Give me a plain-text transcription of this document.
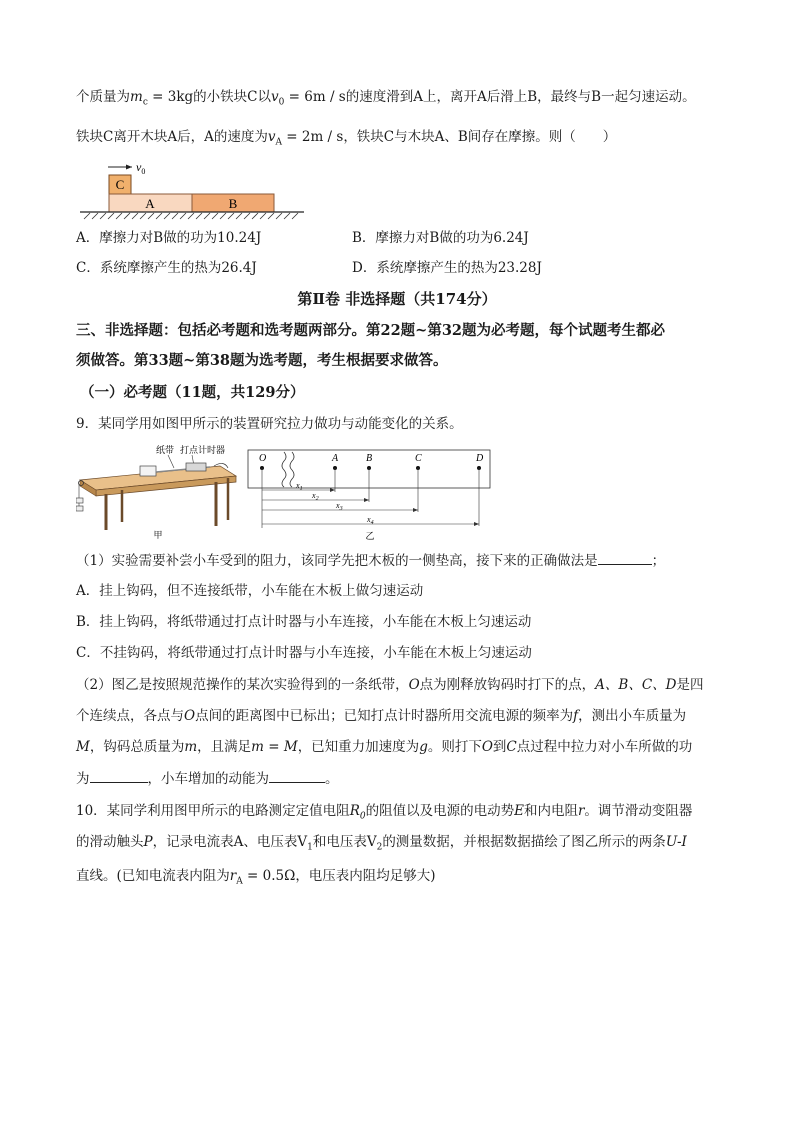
个质量为$m_c = 3kg$的小铁块C以$v_0 = 6m / s$的速度滑到A上，离开A后滑上B，最终与B一起匀速运动。
铁块C离开木块A后，A的速度为$v_A = 2m / s$，铁块C与木块A、B间存在摩擦。则（　　）
$v_0$
C
A	B
A．摩擦力对B做的功为10.24J	B．摩擦力对B做的功为6.24J
C．系统摩擦产生的热为26.4J	D．系统摩擦产生的热为23.28J
第Ⅱ卷 非选择题（共174分）
三、非选择题：包括必考题和选考题两部分。第22题~第32题为必考题，每个试题考生都必
须做答。第33题~第38题为选考题，考生根据要求做答。
（一）必考题（11题，共129分）
9．某同学用如图甲所示的装置研究拉力做功与动能变化的关系。
纸带 打点计时器
甲
O	A	B	C	D
$x_1$
$x_2$
$x_3$
$x_4$
乙
（1）实验需要补尝小车受到的阻力，该同学先把木板的一侧垫高，接下来的正确做法是	；
A．挂上钩码，但不连接纸带，小车能在木板上做匀速运动
B．挂上钩码，将纸带通过打点计时器与小车连接，小车能在木板上匀速运动
C．不挂钩码，将纸带通过打点计时器与小车连接，小车能在木板上匀速运动
（2）图乙是按照规范操作的某次实验得到的一条纸带，O点为刚释放钩码时打下的点，A、B、C、D是四
个连续点，各点与O点间的距离图中已标出；已知打点计时器所用交流电源的频率为f，测出小车质量为
M，钩码总质量为m，且满足m = M，已知重力加速度为g。则打下O到C点过程中拉力对小车所做的功
为	，小车增加的动能为	。
10．某同学利用图甲所示的电路测定定值电阻$R_0$的阻值以及电源的电动势E和内电阻r。调节滑动变阻器
的滑动触头P，记录电流表A、电压表$V_1$和电压表$V_2$的测量数据，并根据数据描绘了图乙所示的两条U-I
直线。(已知电流表内阻为$r_A = 0.5\Omega$，电压表内阻均足够大)
